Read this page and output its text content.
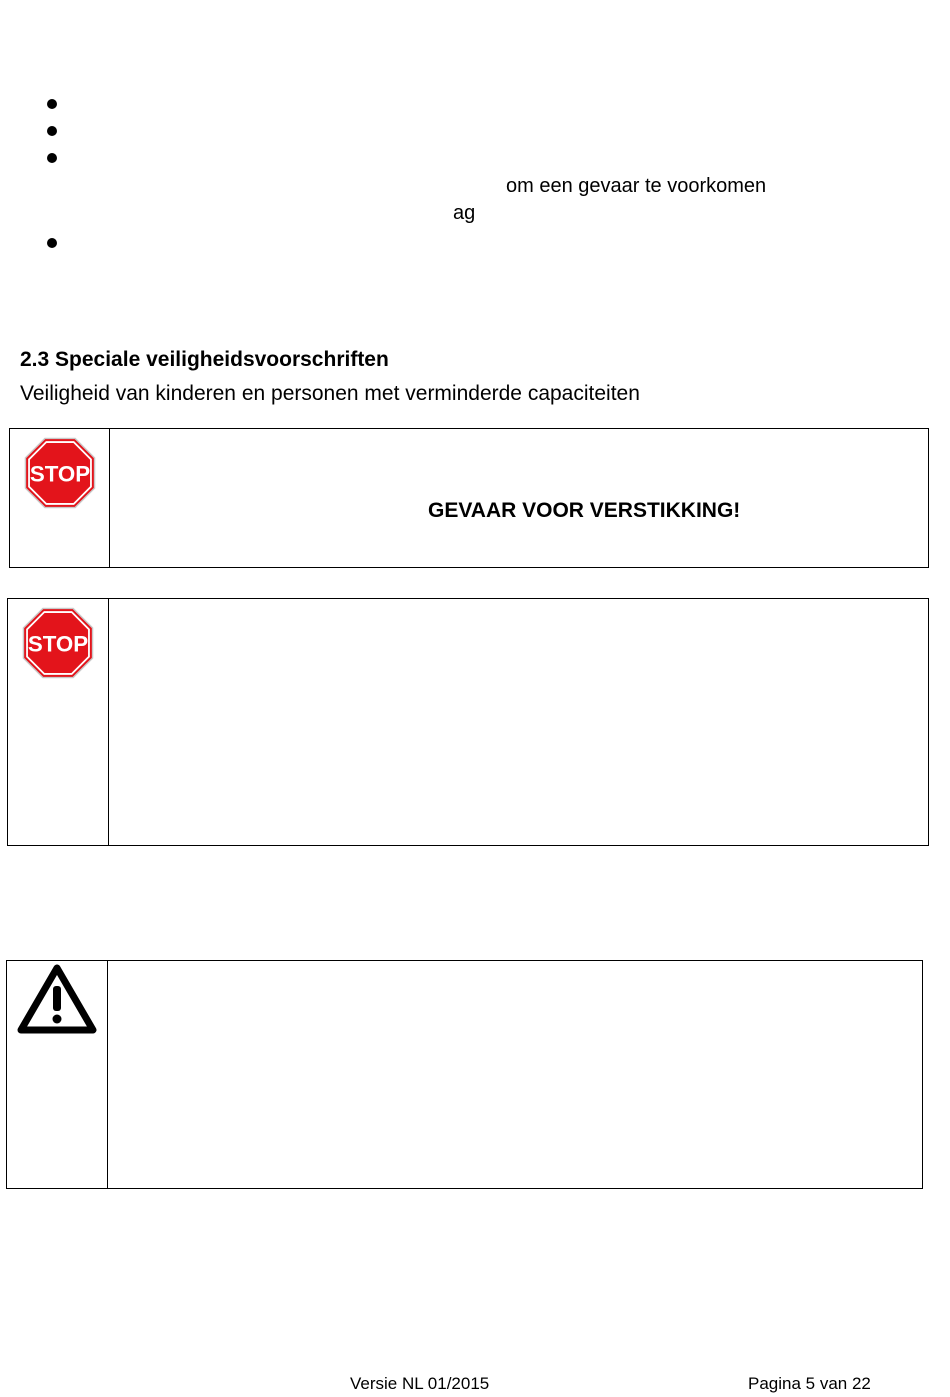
om een gevaar te voorkomen
ag
2.3 Speciale veiligheidsvoorschriften
Veiligheid van kinderen en personen met verminderde capaciteiten
STOP
GEVAAR VOOR VERSTIKKING!
STOP
Versie NL 01/2015	Pagina 5 van 22
